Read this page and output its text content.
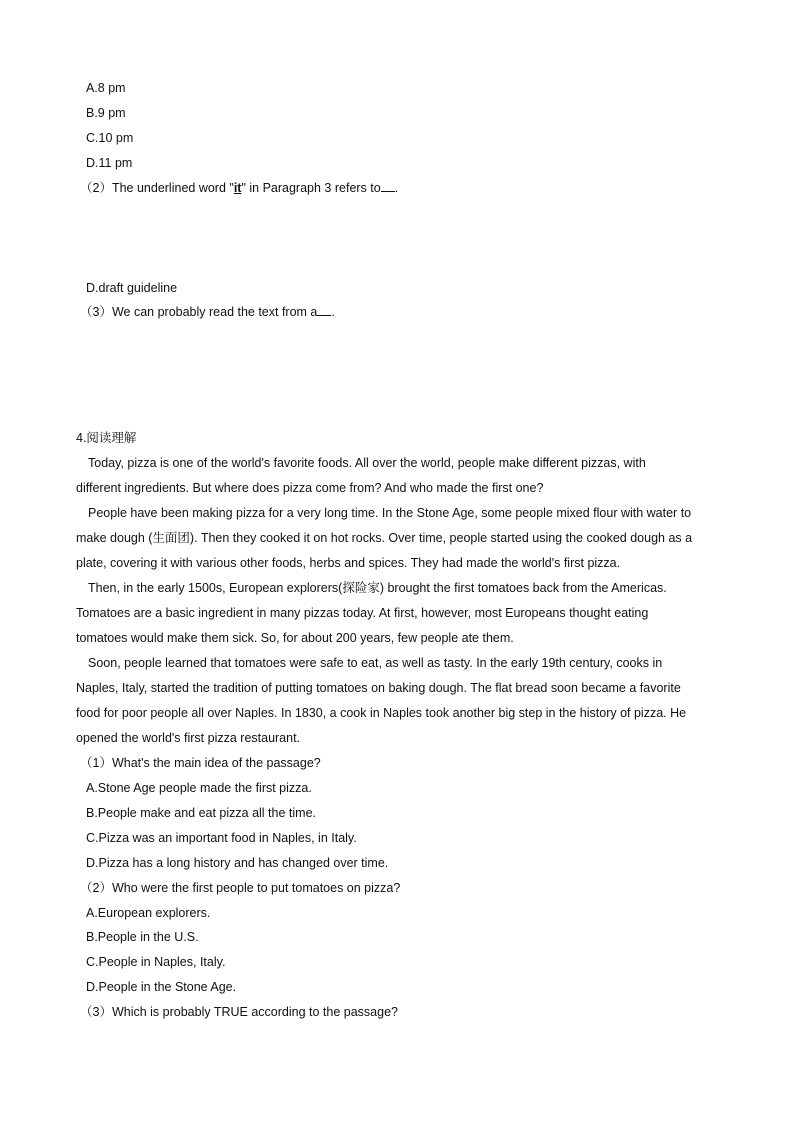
A.8 pm
B.9 pm
C.10 pm
D.11 pm
（2）The underlined word "it" in Paragraph 3 refers to .
D.draft guideline
（3）We can probably read the text from a .
4.阅读理解
Today, pizza is one of the world's favorite foods. All over the world, people make different pizzas, with
different ingredients. But where does pizza come from? And who made the first one?
People have been making pizza for a very long time. In the Stone Age, some people mixed flour with water to
make dough (生面团). Then they cooked it on hot rocks. Over time, people started using the cooked dough as a
plate, covering it with various other foods, herbs and spices. They had made the world's first pizza.
Then, in the early 1500s, European explorers(探险家) brought the first tomatoes back from the Americas.
Tomatoes are a basic ingredient in many pizzas today. At first, however, most Europeans thought eating
tomatoes would make them sick. So, for about 200 years, few people ate them.
Soon, people learned that tomatoes were safe to eat, as well as tasty. In the early 19th century, cooks in
Naples, Italy, started the tradition of putting tomatoes on baking dough. The flat bread soon became a favorite
food for poor people all over Naples. In 1830, a cook in Naples took another big step in the history of pizza. He
opened the world's first pizza restaurant.
（1）What's the main idea of the passage?
A.Stone Age people made the first pizza.
B.People make and eat pizza all the time.
C.Pizza was an important food in Naples, in Italy.
D.Pizza has a long history and has changed over time.
（2）Who were the first people to put tomatoes on pizza?
A.European explorers.
B.People in the U.S.
C.People in Naples, Italy.
D.People in the Stone Age.
（3）Which is probably TRUE according to the passage?
